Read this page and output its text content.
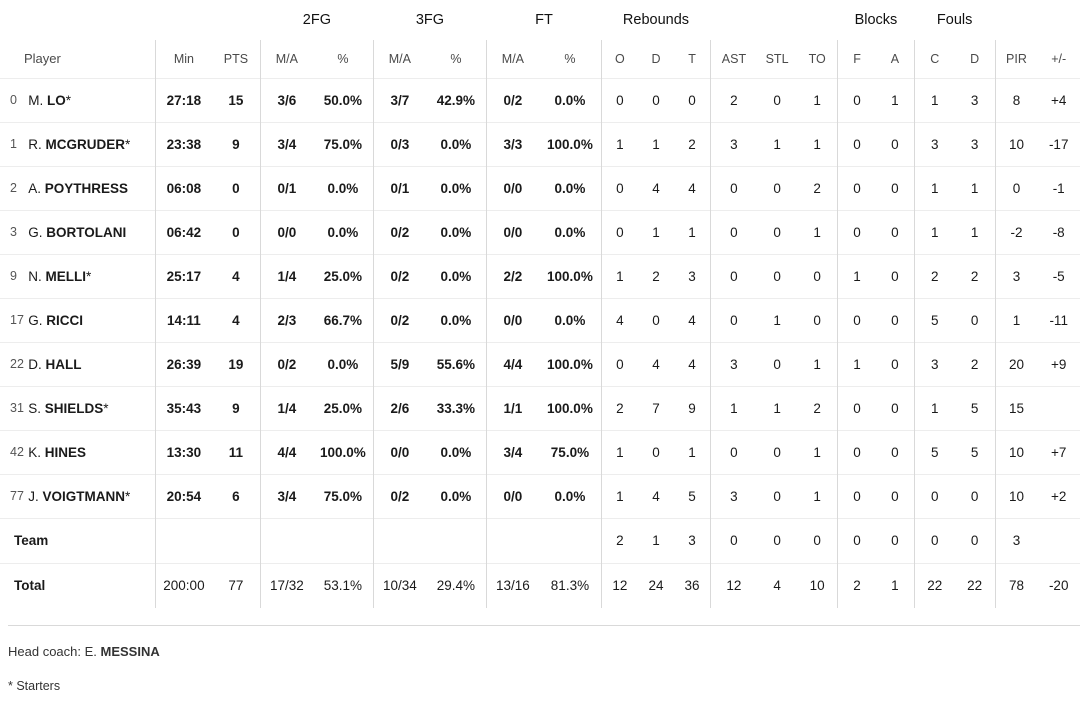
				2FG		3FG		FT		Rebounds						Blocks		Fouls			
Player		Min	PTS	M/A	%	M/A	%	M/A	%	O	D	T	AST	STL	TO	F	A	C	D	PIR	+/-
0	M. LO*	27:18	15	3/6	50.0%	3/7	42.9%	0/2	0.0%	0	0	0	2	0	1	0	1	1	3	8	+4
1	R. MCGRUDER*	23:38	9	3/4	75.0%	0/3	0.0%	3/3	100.0%	1	1	2	3	1	1	0	0	3	3	10	-17
2	A. POYTHRESS	06:08	0	0/1	0.0%	0/1	0.0%	0/0	0.0%	0	4	4	0	0	2	0	0	1	1	0	-1
3	G. BORTOLANI	06:42	0	0/0	0.0%	0/2	0.0%	0/0	0.0%	0	1	1	0	0	1	0	0	1	1	-2	-8
9	N. MELLI*	25:17	4	1/4	25.0%	0/2	0.0%	2/2	100.0%	1	2	3	0	0	0	1	0	2	2	3	-5
17	G. RICCI	14:11	4	2/3	66.7%	0/2	0.0%	0/0	0.0%	4	0	4	0	1	0	0	0	5	0	1	-11
22	D. HALL	26:39	19	0/2	0.0%	5/9	55.6%	4/4	100.0%	0	4	4	3	0	1	1	0	3	2	20	+9
31	S. SHIELDS*	35:43	9	1/4	25.0%	2/6	33.3%	1/1	100.0%	2	7	9	1	1	2	0	0	1	5	15	
42	K. HINES	13:30	11	4/4	100.0%	0/0	0.0%	3/4	75.0%	1	0	1	0	0	1	0	0	5	5	10	+7
77	J. VOIGTMANN*	20:54	6	3/4	75.0%	0/2	0.0%	0/0	0.0%	1	4	5	3	0	1	0	0	0	0	10	+2
Team										2	1	3	0	0	0	0	0	0	0	3	
Total		200:00	77	17/32	53.1%	10/34	29.4%	13/16	81.3%	12	24	36	12	4	10	2	1	22	22	78	-20
Head coach: E. MESSINA
* Starters
